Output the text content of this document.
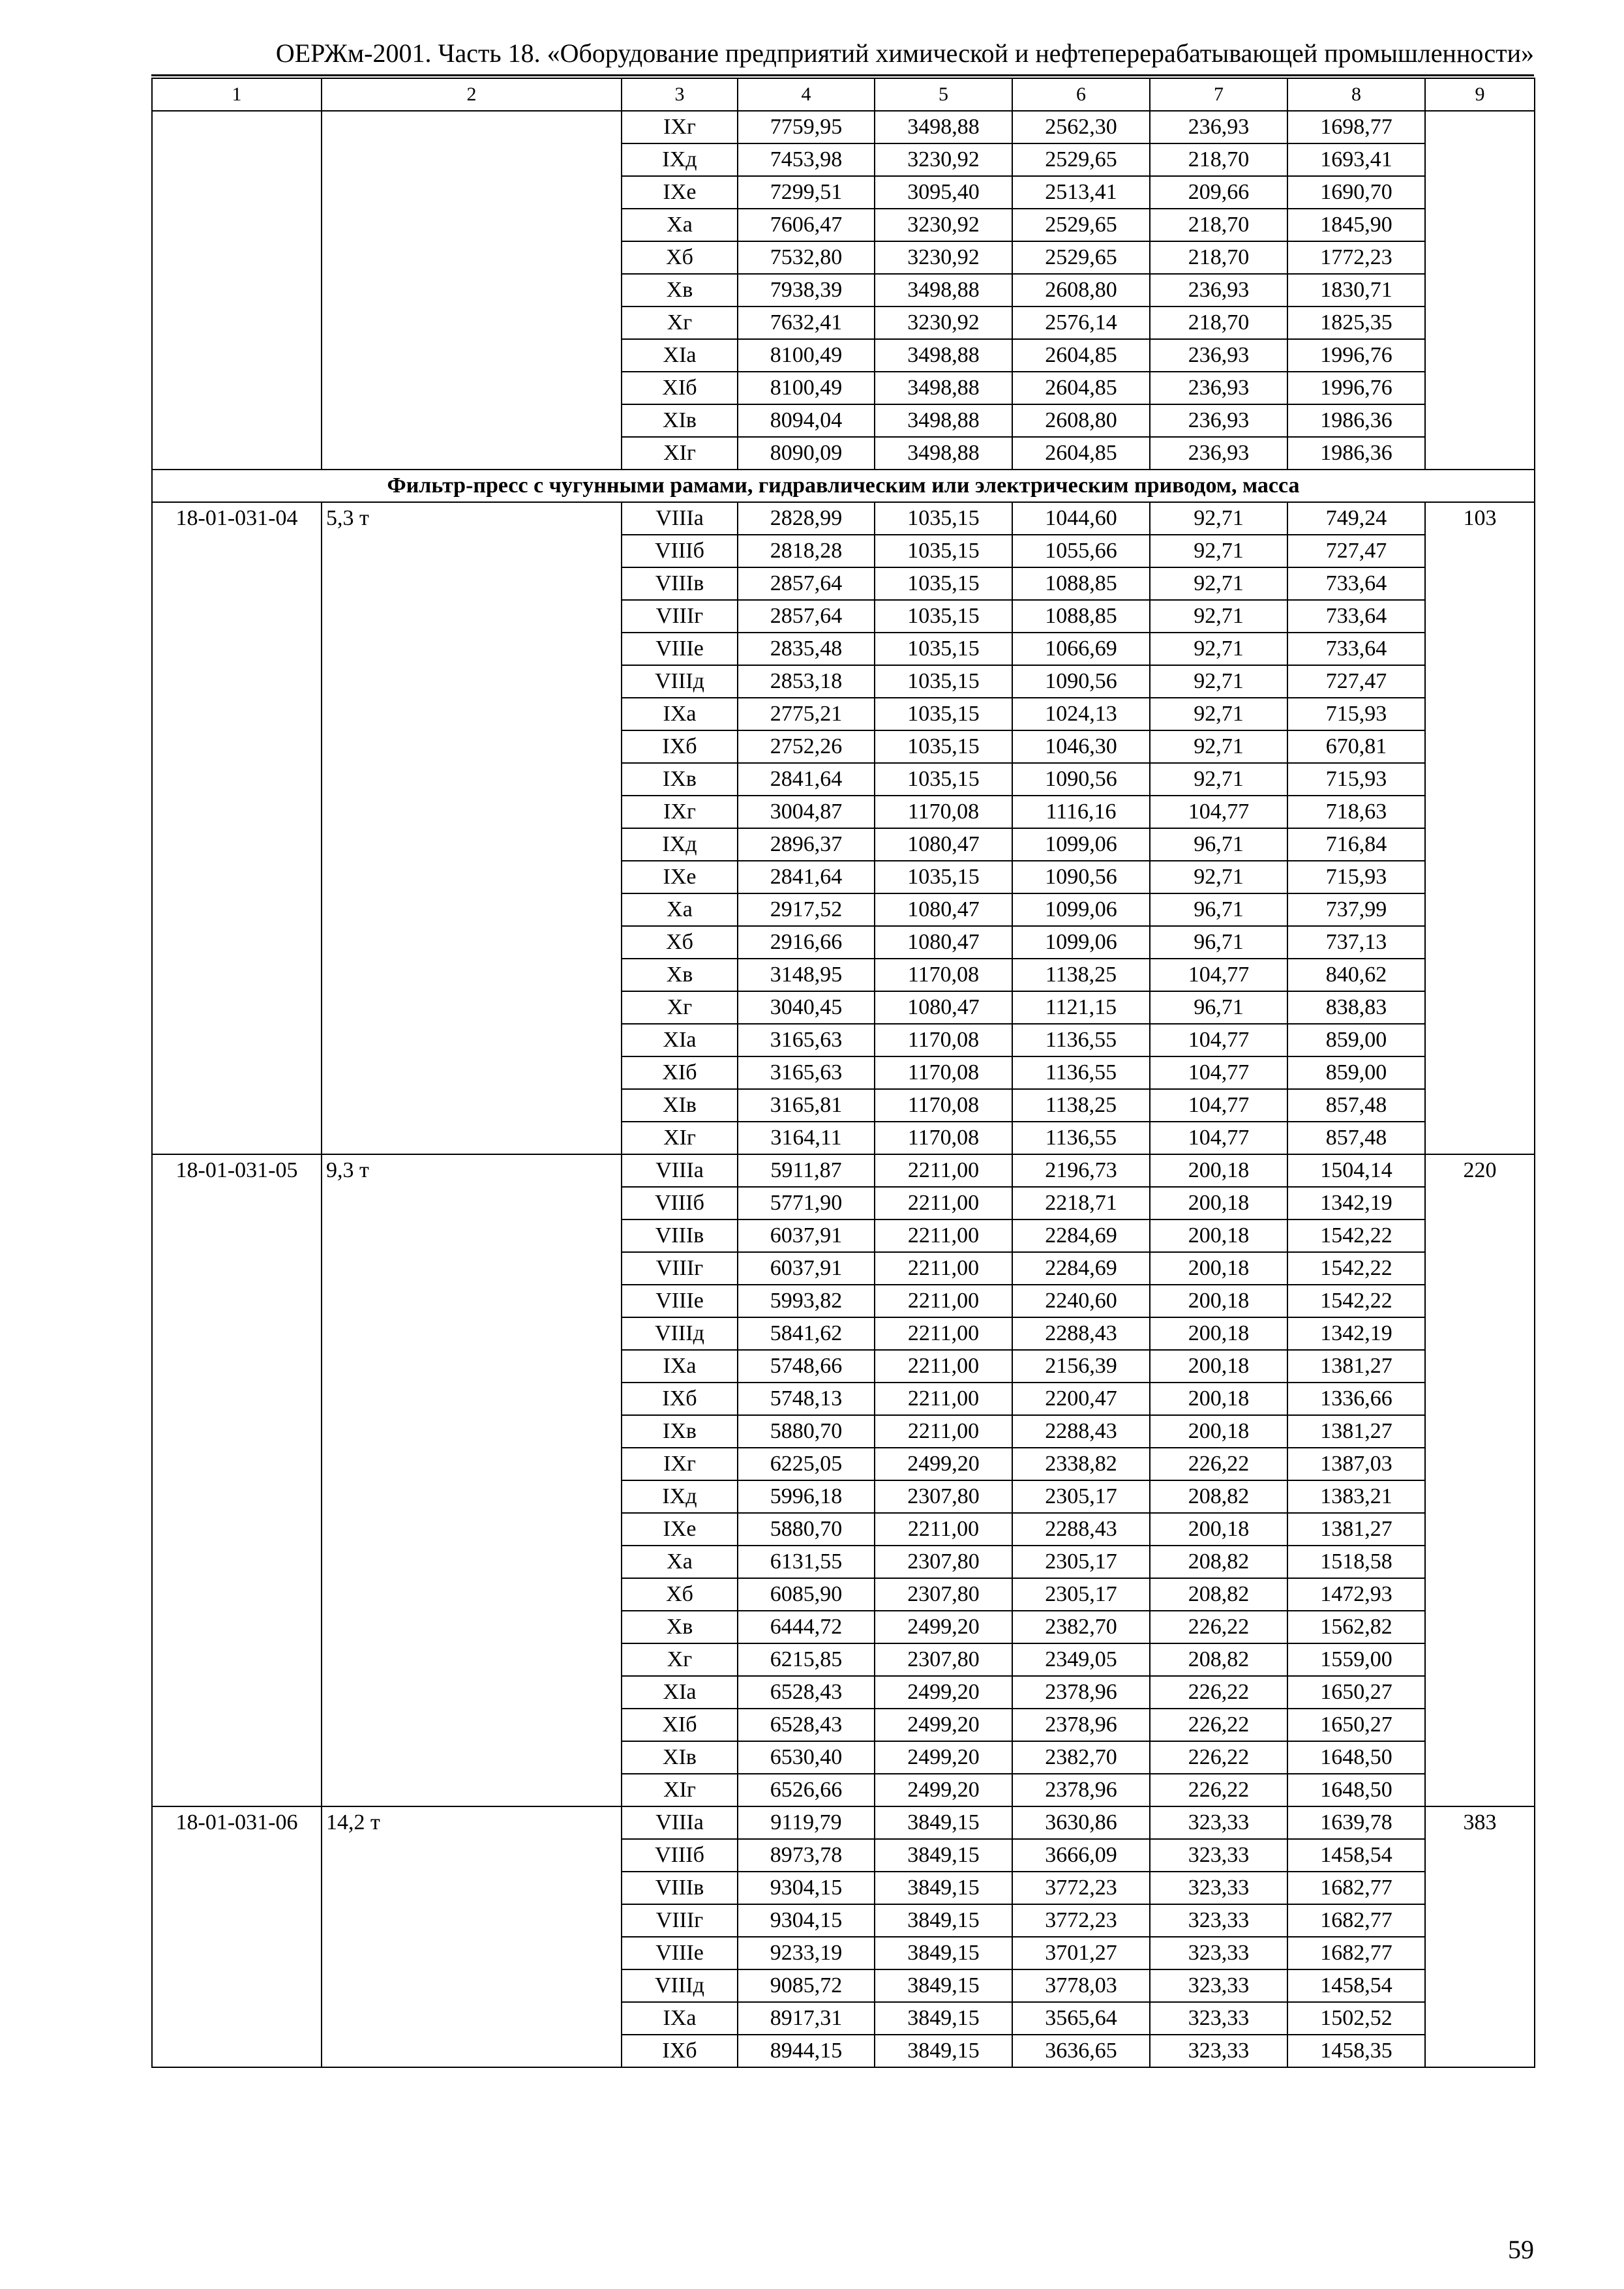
ОЕРЖм-2001. Часть 18. «Оборудование предприятий химической и нефтеперерабатывающей промышленности»
1	2	3	4	5	6	7	8	9
		IXг	7759,95	3498,88	2562,30	236,93	1698,77	
		IXд	7453,98	3230,92	2529,65	218,70	1693,41	
		IXе	7299,51	3095,40	2513,41	209,66	1690,70	
		Xа	7606,47	3230,92	2529,65	218,70	1845,90	
		Xб	7532,80	3230,92	2529,65	218,70	1772,23	
		Xв	7938,39	3498,88	2608,80	236,93	1830,71	
		Xг	7632,41	3230,92	2576,14	218,70	1825,35	
		XIа	8100,49	3498,88	2604,85	236,93	1996,76	
		XIб	8100,49	3498,88	2604,85	236,93	1996,76	
		XIв	8094,04	3498,88	2608,80	236,93	1986,36	
		XIг	8090,09	3498,88	2604,85	236,93	1986,36	
Фильтр-пресс с чугунными рамами, гидравлическим или электрическим приводом, масса								
18-01-031-04	5,3 т	VIIIа	2828,99	1035,15	1044,60	92,71	749,24	103
		VIIIб	2818,28	1035,15	1055,66	92,71	727,47	
		VIIIв	2857,64	1035,15	1088,85	92,71	733,64	
		VIIIг	2857,64	1035,15	1088,85	92,71	733,64	
		VIIIе	2835,48	1035,15	1066,69	92,71	733,64	
		VIIIд	2853,18	1035,15	1090,56	92,71	727,47	
		IXа	2775,21	1035,15	1024,13	92,71	715,93	
		IXб	2752,26	1035,15	1046,30	92,71	670,81	
		IXв	2841,64	1035,15	1090,56	92,71	715,93	
		IXг	3004,87	1170,08	1116,16	104,77	718,63	
		IXд	2896,37	1080,47	1099,06	96,71	716,84	
		IXе	2841,64	1035,15	1090,56	92,71	715,93	
		Xа	2917,52	1080,47	1099,06	96,71	737,99	
		Xб	2916,66	1080,47	1099,06	96,71	737,13	
		Xв	3148,95	1170,08	1138,25	104,77	840,62	
		Xг	3040,45	1080,47	1121,15	96,71	838,83	
		XIа	3165,63	1170,08	1136,55	104,77	859,00	
		XIб	3165,63	1170,08	1136,55	104,77	859,00	
		XIв	3165,81	1170,08	1138,25	104,77	857,48	
		XIг	3164,11	1170,08	1136,55	104,77	857,48	
18-01-031-05	9,3 т	VIIIа	5911,87	2211,00	2196,73	200,18	1504,14	220
		VIIIб	5771,90	2211,00	2218,71	200,18	1342,19	
		VIIIв	6037,91	2211,00	2284,69	200,18	1542,22	
		VIIIг	6037,91	2211,00	2284,69	200,18	1542,22	
		VIIIе	5993,82	2211,00	2240,60	200,18	1542,22	
		VIIIд	5841,62	2211,00	2288,43	200,18	1342,19	
		IXа	5748,66	2211,00	2156,39	200,18	1381,27	
		IXб	5748,13	2211,00	2200,47	200,18	1336,66	
		IXв	5880,70	2211,00	2288,43	200,18	1381,27	
		IXг	6225,05	2499,20	2338,82	226,22	1387,03	
		IXд	5996,18	2307,80	2305,17	208,82	1383,21	
		IXе	5880,70	2211,00	2288,43	200,18	1381,27	
		Xа	6131,55	2307,80	2305,17	208,82	1518,58	
		Xб	6085,90	2307,80	2305,17	208,82	1472,93	
		Xв	6444,72	2499,20	2382,70	226,22	1562,82	
		Xг	6215,85	2307,80	2349,05	208,82	1559,00	
		XIа	6528,43	2499,20	2378,96	226,22	1650,27	
		XIб	6528,43	2499,20	2378,96	226,22	1650,27	
		XIв	6530,40	2499,20	2382,70	226,22	1648,50	
		XIг	6526,66	2499,20	2378,96	226,22	1648,50	
18-01-031-06	14,2 т	VIIIа	9119,79	3849,15	3630,86	323,33	1639,78	383
		VIIIб	8973,78	3849,15	3666,09	323,33	1458,54	
		VIIIв	9304,15	3849,15	3772,23	323,33	1682,77	
		VIIIг	9304,15	3849,15	3772,23	323,33	1682,77	
		VIIIе	9233,19	3849,15	3701,27	323,33	1682,77	
		VIIIд	9085,72	3849,15	3778,03	323,33	1458,54	
		IXа	8917,31	3849,15	3565,64	323,33	1502,52	
		IXб	8944,15	3849,15	3636,65	323,33	1458,35	
59
